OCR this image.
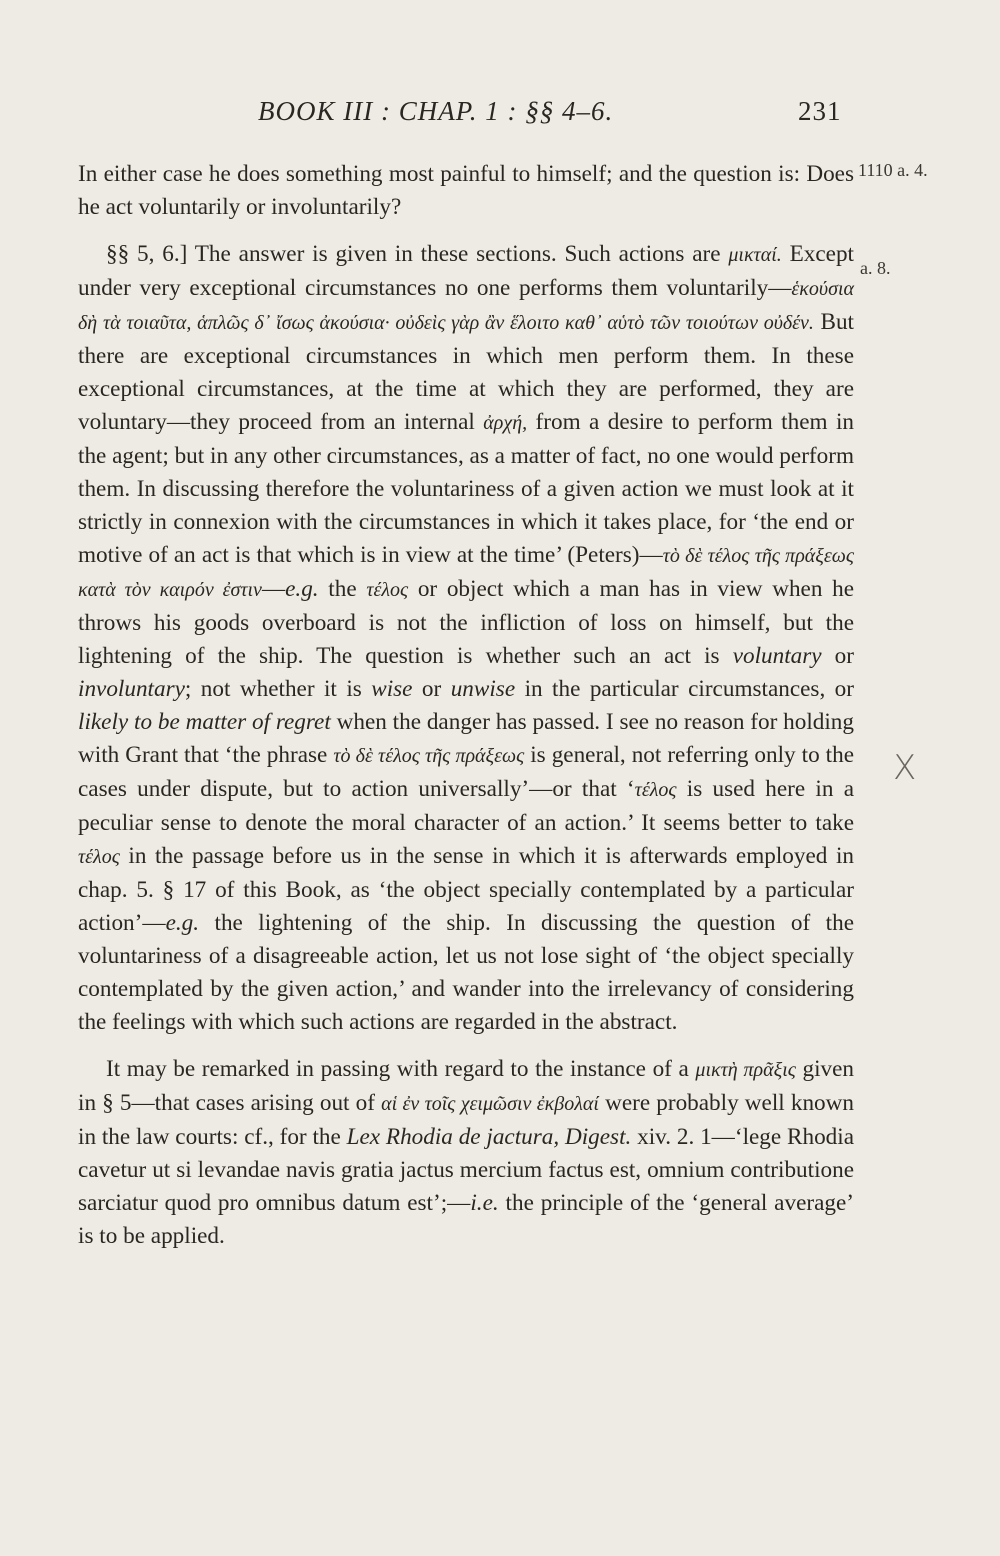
BOOK III : CHAP. 1 : §§ 4–6.	231
1110 a. 4.
a. 8.
X

In either case he does something most painful to himself; and the question is: Does he act voluntarily or involuntarily?

§§ 5, 6.] The answer is given in these sections. Such actions are μικταί. Except under very exceptional circumstances no one performs them voluntarily—ἑκούσια δὴ τὰ τοιαῦτα, ἁπλῶς δ᾽ ἴσως ἀκούσια· οὐδεὶς γὰρ ἂν ἕλοιτο καθ᾽ αὑτὸ τῶν τοιούτων οὐδέν. But there are exceptional circumstances in which men perform them. In these exceptional circumstances, at the time at which they are performed, they are voluntary—they proceed from an internal ἀρχή, from a desire to perform them in the agent; but in any other circumstances, as a matter of fact, no one would perform them. In discussing therefore the voluntariness of a given action we must look at it strictly in connexion with the circumstances in which it takes place, for ‘the end or motive of an act is that which is in view at the time’ (Peters)—τὸ δὲ τέλος τῆς πράξεως κατὰ τὸν καιρόν ἐστιν—e.g. the τέλος or object which a man has in view when he throws his goods overboard is not the infliction of loss on himself, but the lightening of the ship. The question is whether such an act is voluntary or involuntary; not whether it is wise or unwise in the particular circumstances, or likely to be matter of regret when the danger has passed. I see no reason for holding with Grant that ‘the phrase τὸ δὲ τέλος τῆς πράξεως is general, not referring only to the cases under dispute, but to action universally’—or that ‘τέλος is used here in a peculiar sense to denote the moral character of an action.’ It seems better to take τέλος in the passage before us in the sense in which it is afterwards employed in chap. 5. § 17 of this Book, as ‘the object specially contemplated by a particular action’—e.g. the lightening of the ship. In discussing the question of the voluntariness of a disagreeable action, let us not lose sight of ‘the object specially contemplated by the given action,’ and wander into the irrelevancy of considering the feelings with which such actions are regarded in the abstract.

It may be remarked in passing with regard to the instance of a μικτὴ πρᾶξις given in § 5—that cases arising out of αἱ ἐν τοῖς χειμῶσιν ἐκβολαί were probably well known in the law courts: cf., for the Lex Rhodia de jactura, Digest. xiv. 2. 1—‘lege Rhodia cavetur ut si levandae navis gratia jactus mercium factus est, omnium contributione sarciatur quod pro omnibus datum est’;—i.e. the principle of the ‘general average’ is to be applied.
